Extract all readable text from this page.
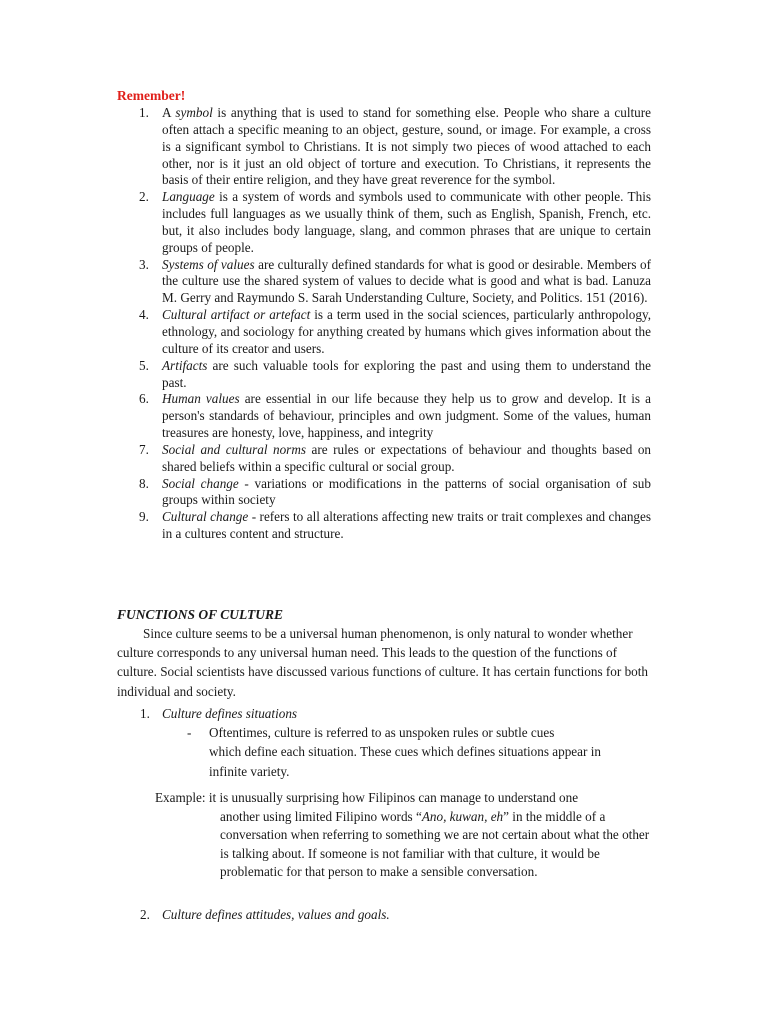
Remember!
1. A symbol is anything that is used to stand for something else. People who share a culture often attach a specific meaning to an object, gesture, sound, or image. For example, a cross is a significant symbol to Christians. It is not simply two pieces of wood attached to each other, nor is it just an old object of torture and execution. To Christians, it represents the basis of their entire religion, and they have great reverence for the symbol.
2. Language is a system of words and symbols used to communicate with other people. This includes full languages as we usually think of them, such as English, Spanish, French, etc. but, it also includes body language, slang, and common phrases that are unique to certain groups of people.
3. Systems of values are culturally defined standards for what is good or desirable. Members of the culture use the shared system of values to decide what is good and what is bad. Lanuza M. Gerry and Raymundo S. Sarah Understanding Culture, Society, and Politics. 151 (2016).
4. Cultural artifact or artefact is a term used in the social sciences, particularly anthropology, ethnology, and sociology for anything created by humans which gives information about the culture of its creator and users.
5. Artifacts are such valuable tools for exploring the past and using them to understand the past.
6. Human values are essential in our life because they help us to grow and develop. It is a person's standards of behaviour, principles and own judgment. Some of the values, human treasures are honesty, love, happiness, and integrity
7. Social and cultural norms are rules or expectations of behaviour and thoughts based on shared beliefs within a specific cultural or social group.
8. Social change - variations or modifications in the patterns of social organisation of sub groups within society
9. Cultural change - refers to all alterations affecting new traits or trait complexes and changes in a cultures content and structure.
FUNCTIONS OF CULTURE

Since culture seems to be a universal human phenomenon, is only natural to wonder whether culture corresponds to any universal human need. This leads to the question of the functions of culture. Social scientists have discussed various functions of culture. It has certain functions for both individual and society.

1. Culture defines situations
- Oftentimes, culture is referred to as unspoken rules or subtle cues
which define each situation. These cues which defines situations appear in infinite variety.
Example: it is unusually surprising how Filipinos can manage to understand one
another using limited Filipino words “Ano, kuwan, eh” in the middle of a conversation when referring to something we are not certain about what the other is talking about. If someone is not familiar with that culture, it would be problematic for that person to make a sensible conversation.
2. Culture defines attitudes, values and goals.
